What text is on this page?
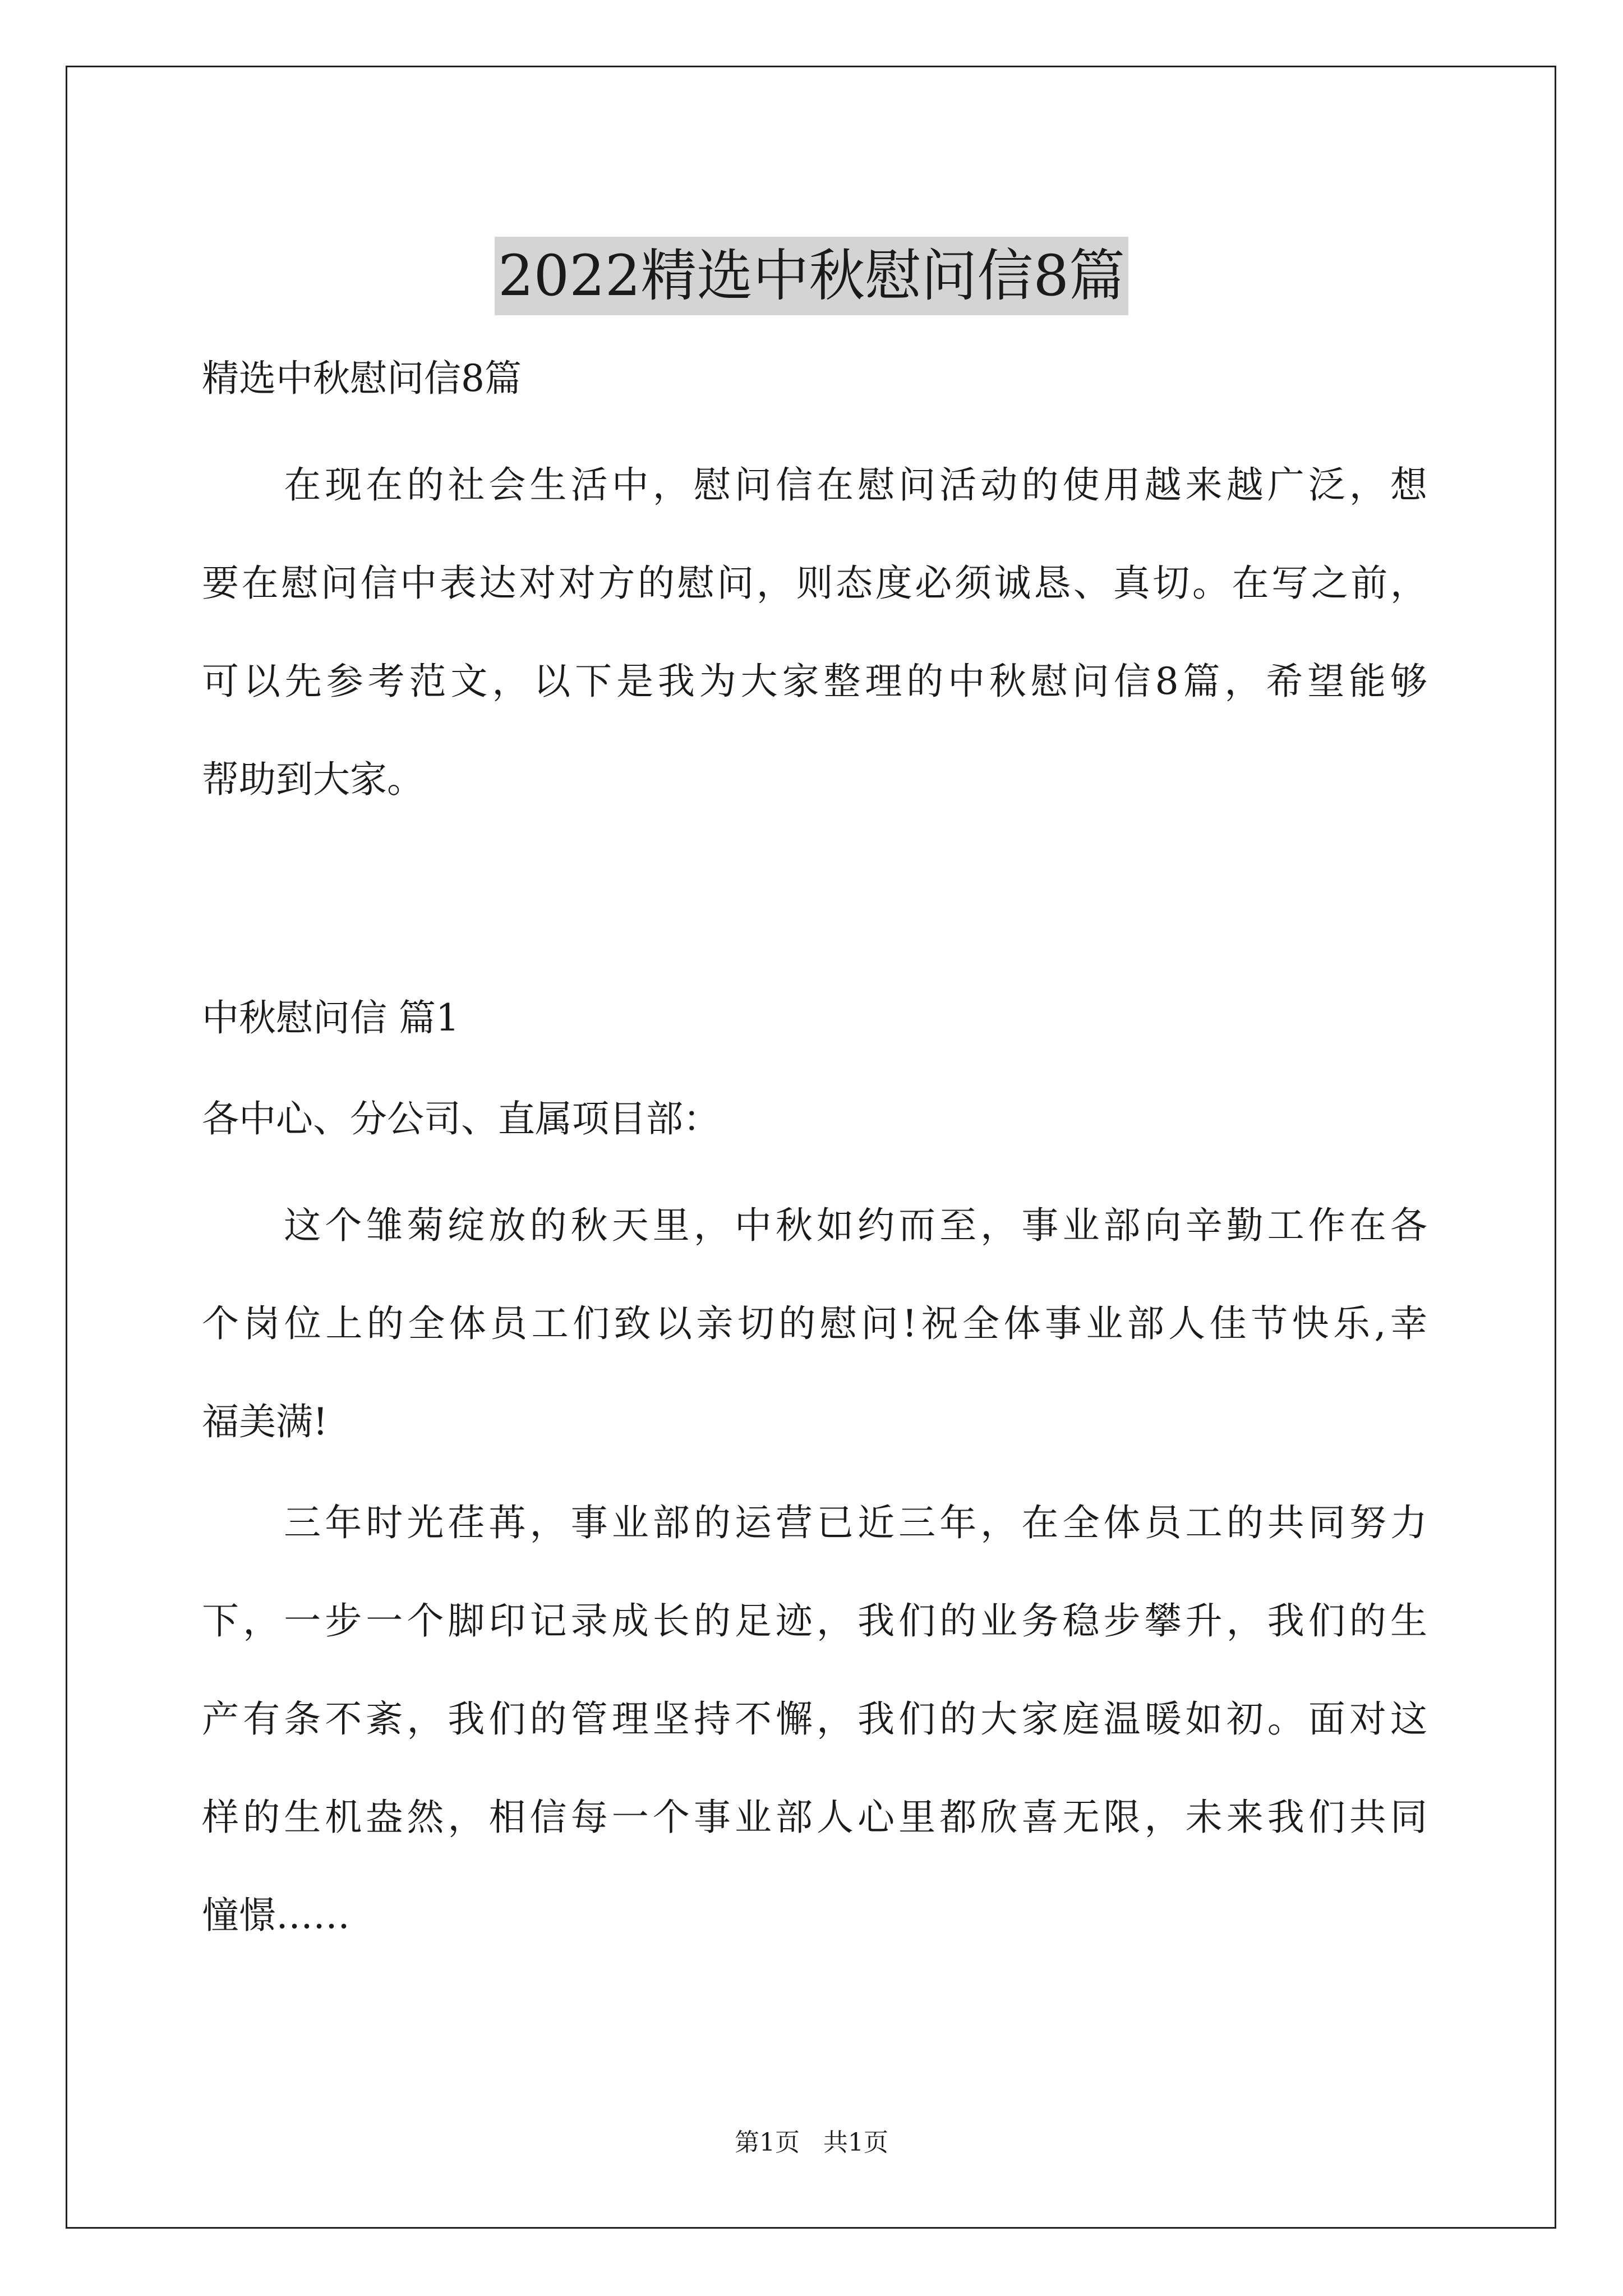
2022精选中秋慰问信8篇
精选中秋慰问信8篇
　　在现在的社会生活中，慰问信在慰问活动的使用越来越广泛，想
要在慰问信中表达对对方的慰问，则态度必须诚恳、真切。在写之前，
可以先参考范文，以下是我为大家整理的中秋慰问信8篇，希望能够
帮助到大家。
中秋慰问信 篇1
各中心、分公司、直属项目部：
　　这个雏菊绽放的秋天里，中秋如约而至，事业部向辛勤工作在各
个岗位上的全体员工们致以亲切的慰问!祝全体事业部人佳节快乐,幸
福美满!
　　三年时光荏苒，事业部的运营已近三年，在全体员工的共同努力
下，一步一个脚印记录成长的足迹，我们的业务稳步攀升，我们的生
产有条不紊，我们的管理坚持不懈，我们的大家庭温暖如初。面对这
样的生机盎然，相信每一个事业部人心里都欣喜无限，未来我们共同
憧憬……
第1页 共1页
